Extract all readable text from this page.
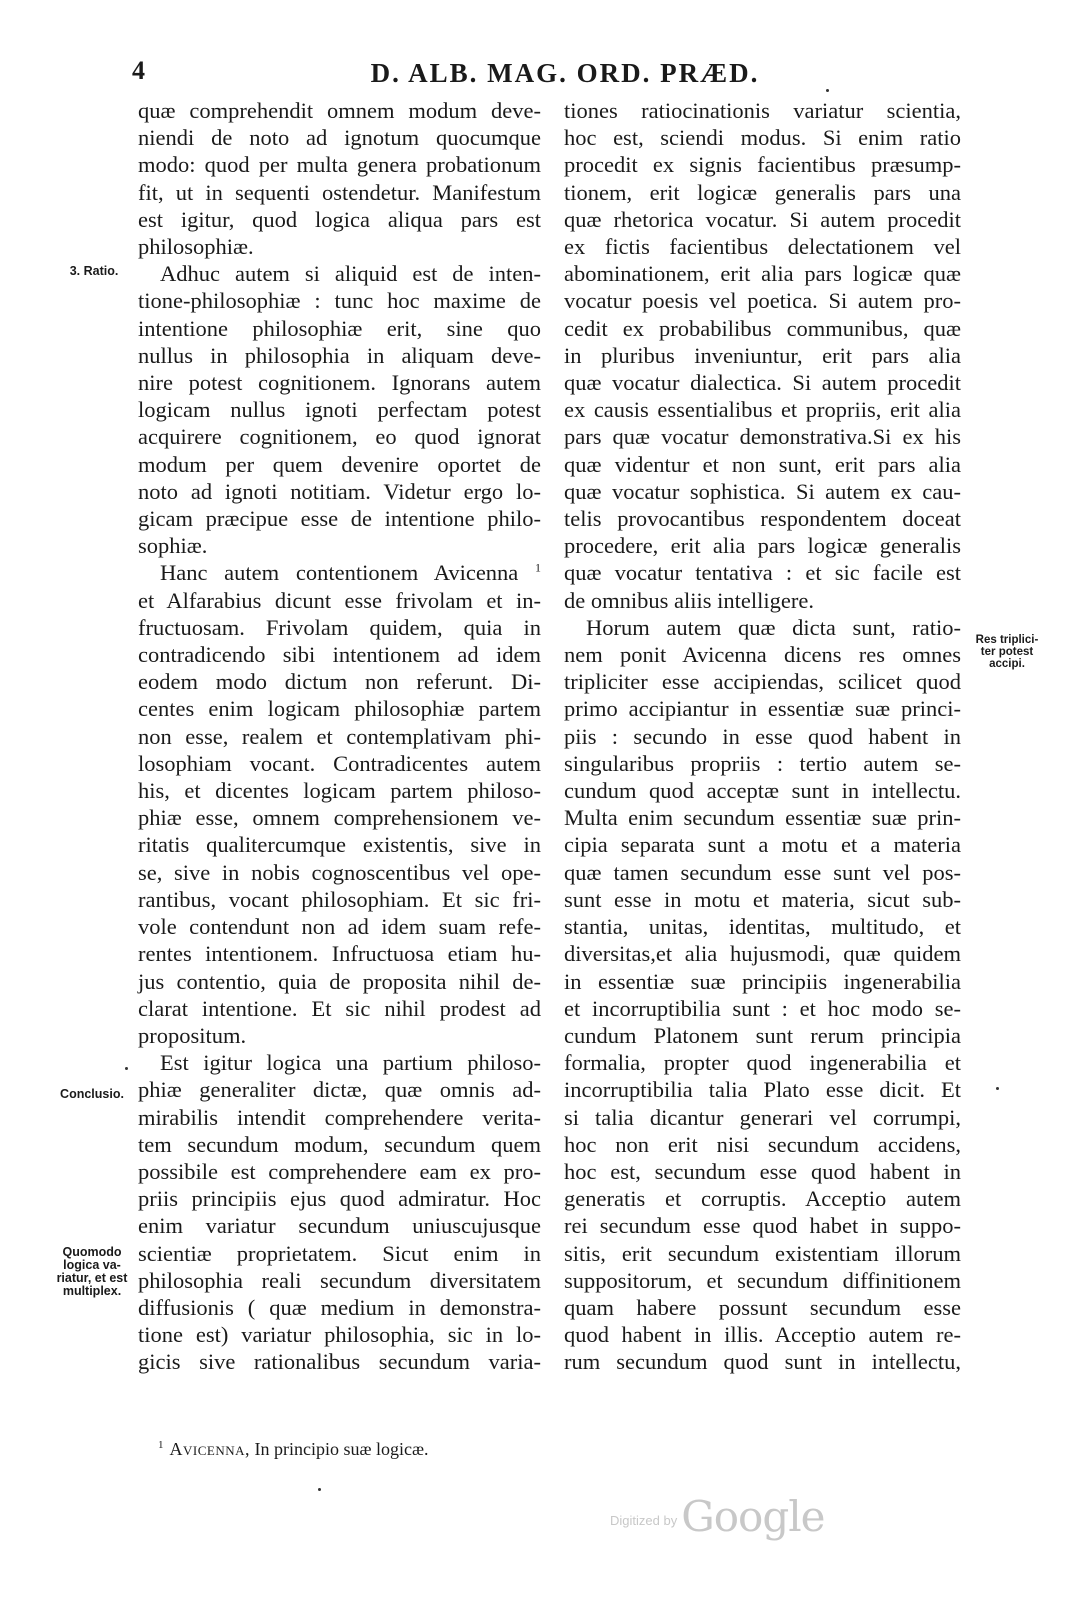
4	D. ALB. MAG. ORD. PRÆD.
quæ comprehendit omnem modum deve-
niendi de noto ad ignotum quocumque
modo: quod per multa genera probationum
fit, ut in sequenti ostendetur. Manifestum
est igitur, quod logica aliqua pars est
philosophiæ.
Adhuc autem si aliquid est de inten-
tione-philosophiæ : tunc hoc maxime de
intentione philosophiæ erit, sine quo
nullus in philosophia in aliquam deve-
nire potest cognitionem. Ignorans autem
logicam nullus ignoti perfectam potest
acquirere cognitionem, eo quod ignorat
modum per quem devenire oportet de
noto ad ignoti notitiam. Videtur ergo lo-
gicam præcipue esse de intentione philo-
sophiæ.
Hanc autem contentionem Avicenna $^1$
et Alfarabius dicunt esse frivolam et in-
fructuosam. Frivolam quidem, quia in
contradicendo sibi intentionem ad idem
eodem modo dictum non referunt. Di-
centes enim logicam philosophiæ partem
non esse, realem et contemplativam phi-
losophiam vocant. Contradicentes autem
his, et dicentes logicam partem philoso-
phiæ esse, omnem comprehensionem ve-
ritatis qualitercumque existentis, sive in
se, sive in nobis cognoscentibus vel ope-
rantibus, vocant philosophiam. Et sic fri-
vole contendunt non ad idem suam refe-
rentes intentionem. Infructuosa etiam hu-
jus contentio, quia de proposita nihil de-
clarat intentione. Et sic nihil prodest ad
propositum.
Est igitur logica una partium philoso-
phiæ generaliter dictæ, quæ omnis ad-
mirabilis intendit comprehendere verita-
tem secundum modum, secundum quem
possibile est comprehendere eam ex pro-
priis principiis ejus quod admiratur. Hoc
enim variatur secundum uniuscujusque
scientiæ proprietatem. Sicut enim in
philosophia reali secundum diversitatem
diffusionis ( quæ medium in demonstra-
tione est) variatur philosophia, sic in lo-
gicis sive rationalibus secundum varia-
tiones ratiocinationis variatur scientia,
hoc est, sciendi modus. Si enim ratio
procedit ex signis facientibus præsump-
tionem, erit logicæ generalis pars una
quæ rhetorica vocatur. Si autem procedit
ex fictis facientibus delectationem vel
abominationem, erit alia pars logicæ quæ
vocatur poesis vel poetica. Si autem pro-
cedit ex probabilibus communibus, quæ
in pluribus inveniuntur, erit pars alia
quæ vocatur dialectica. Si autem procedit
ex causis essentialibus et propriis, erit alia
pars quæ vocatur demonstrativa.Si ex his
quæ videntur et non sunt, erit pars alia
quæ vocatur sophistica. Si autem ex cau-
telis provocantibus respondentem doceat
procedere, erit alia pars logicæ generalis
quæ vocatur tentativa : et sic facile est
de omnibus aliis intelligere.
Horum autem quæ dicta sunt, ratio-
nem ponit Avicenna dicens res omnes
tripliciter esse accipiendas, scilicet quod
primo accipiantur in essentiæ suæ princi-
piis : secundo in esse quod habent in
singularibus propriis : tertio autem se-
cundum quod acceptæ sunt in intellectu.
Multa enim secundum essentiæ suæ prin-
cipia separata sunt a motu et a materia
quæ tamen secundum esse sunt vel pos-
sunt esse in motu et materia, sicut sub-
stantia, unitas, identitas, multitudo, et
diversitas,et alia hujusmodi, quæ quidem
in essentiæ suæ principiis ingenerabilia
et incorruptibilia sunt : et hoc modo se-
cundum Platonem sunt rerum principia
formalia, propter quod ingenerabilia et
incorruptibilia talia Plato esse dicit. Et
si talia dicantur generari vel corrumpi,
hoc non erit nisi secundum accidens,
hoc est, secundum esse quod habent in
generatis et corruptis. Acceptio autem
rei secundum esse quod habet in suppo-
sitis, erit secundum existentiam illorum
suppositorum, et secundum diffinitionem
quam habere possunt secundum esse
quod habent in illis. Acceptio autem re-
rum secundum quod sunt in intellectu,
3. Ratio.
Conclusio.
Quomodo
logica va-
riatur, et est
multiplex.
Res triplici-
ter potest
accipi.
$^1$ Avicenna, In principio suæ logicæ.
$^{Digitized by}$Google
